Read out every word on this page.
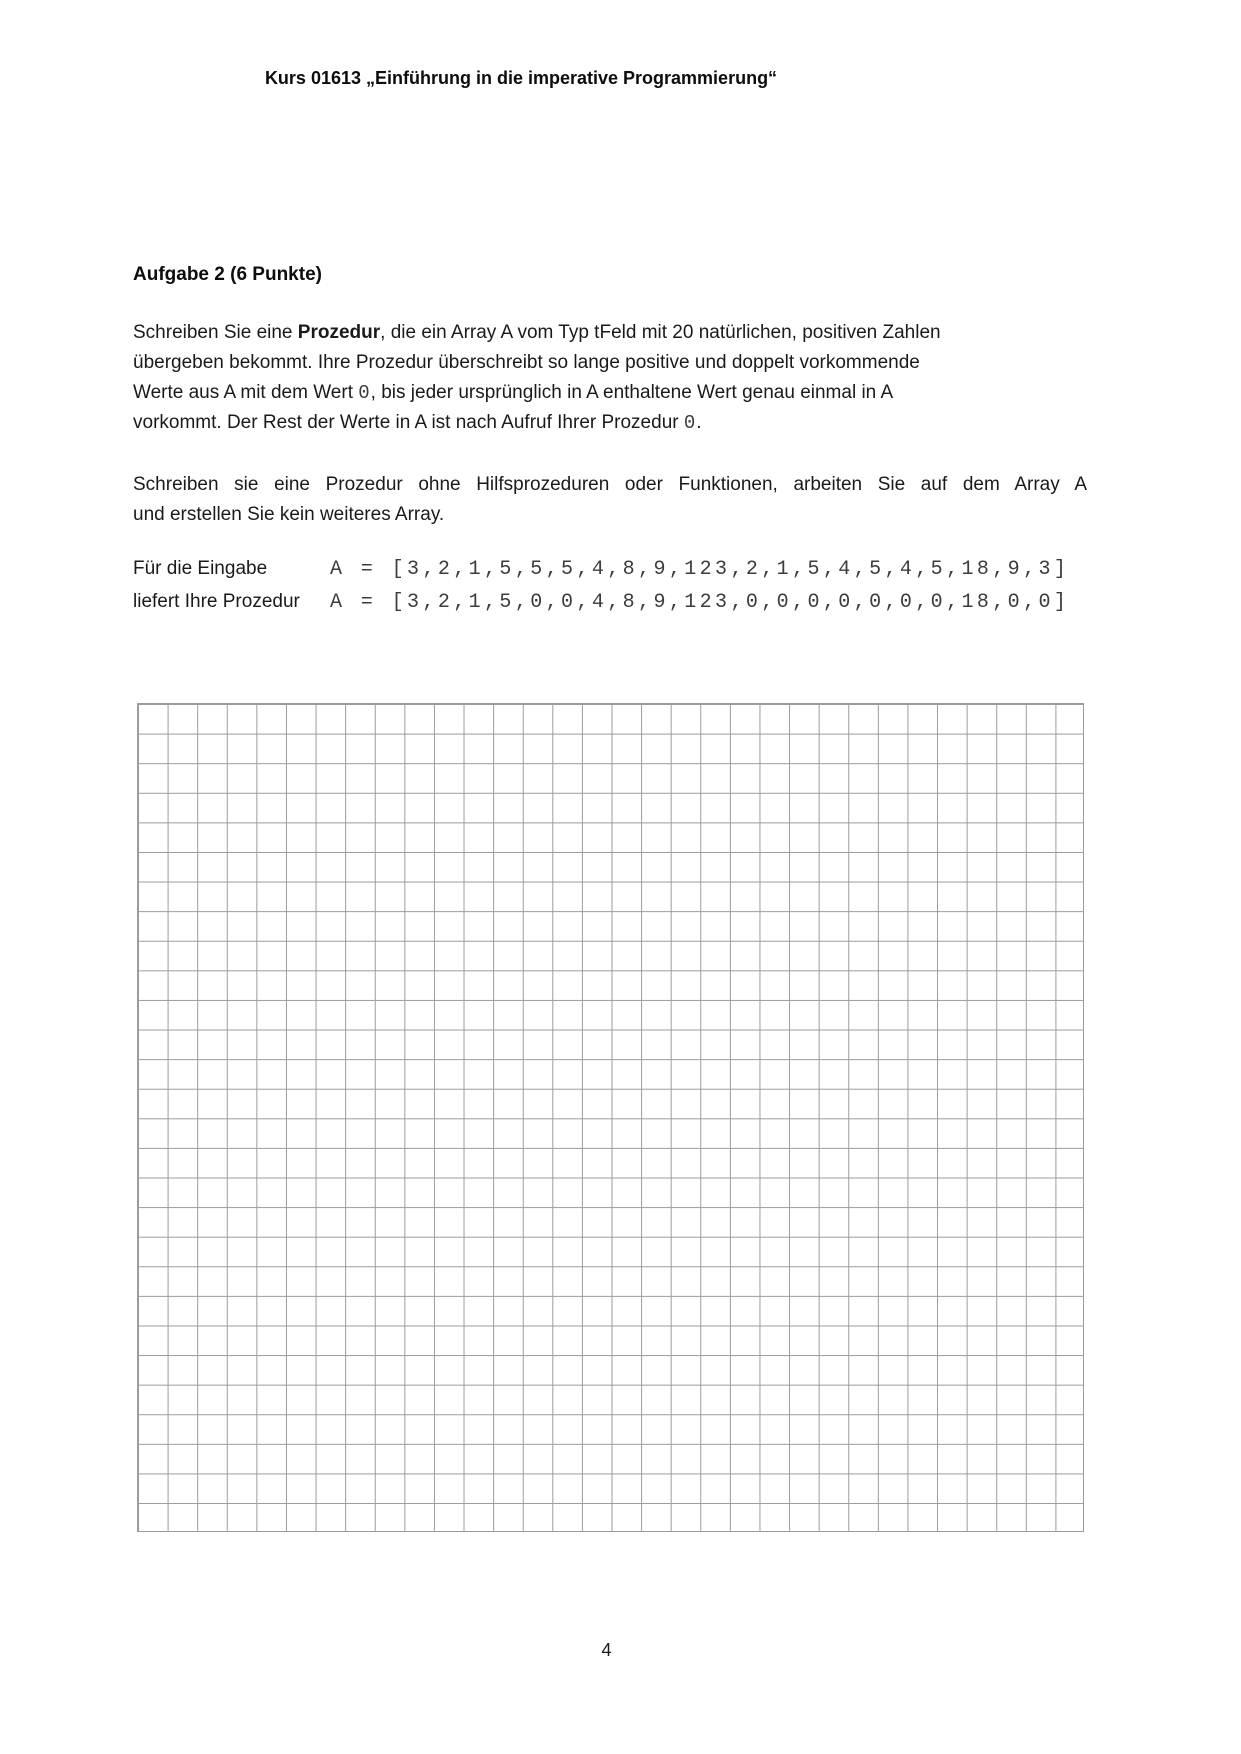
Kurs 01613 „Einführung in die imperative Programmierung“
Aufgabe 2 (6 Punkte)
Schreiben Sie eine Prozedur, die ein Array A vom Typ tFeld mit 20 natürlichen, positiven Zahlen
übergeben bekommt. Ihre Prozedur überschreibt so lange positive und doppelt vorkommende
Werte aus A mit dem Wert 0, bis jeder ursprünglich in A enthaltene Wert genau einmal in A
vorkommt. Der Rest der Werte in A ist nach Aufruf Ihrer Prozedur 0.
Schreiben sie eine Prozedur ohne Hilfsprozeduren oder Funktionen, arbeiten Sie auf dem Array A
und erstellen Sie kein weiteres Array.
Für die Eingabe	A = [3,2,1,5,5,5,4,8,9,123,2,1,5,4,5,4,5,18,9,3]
liefert Ihre Prozedur	A = [3,2,1,5,0,0,4,8,9,123,0,0,0,0,0,0,0,18,0,0]
4
